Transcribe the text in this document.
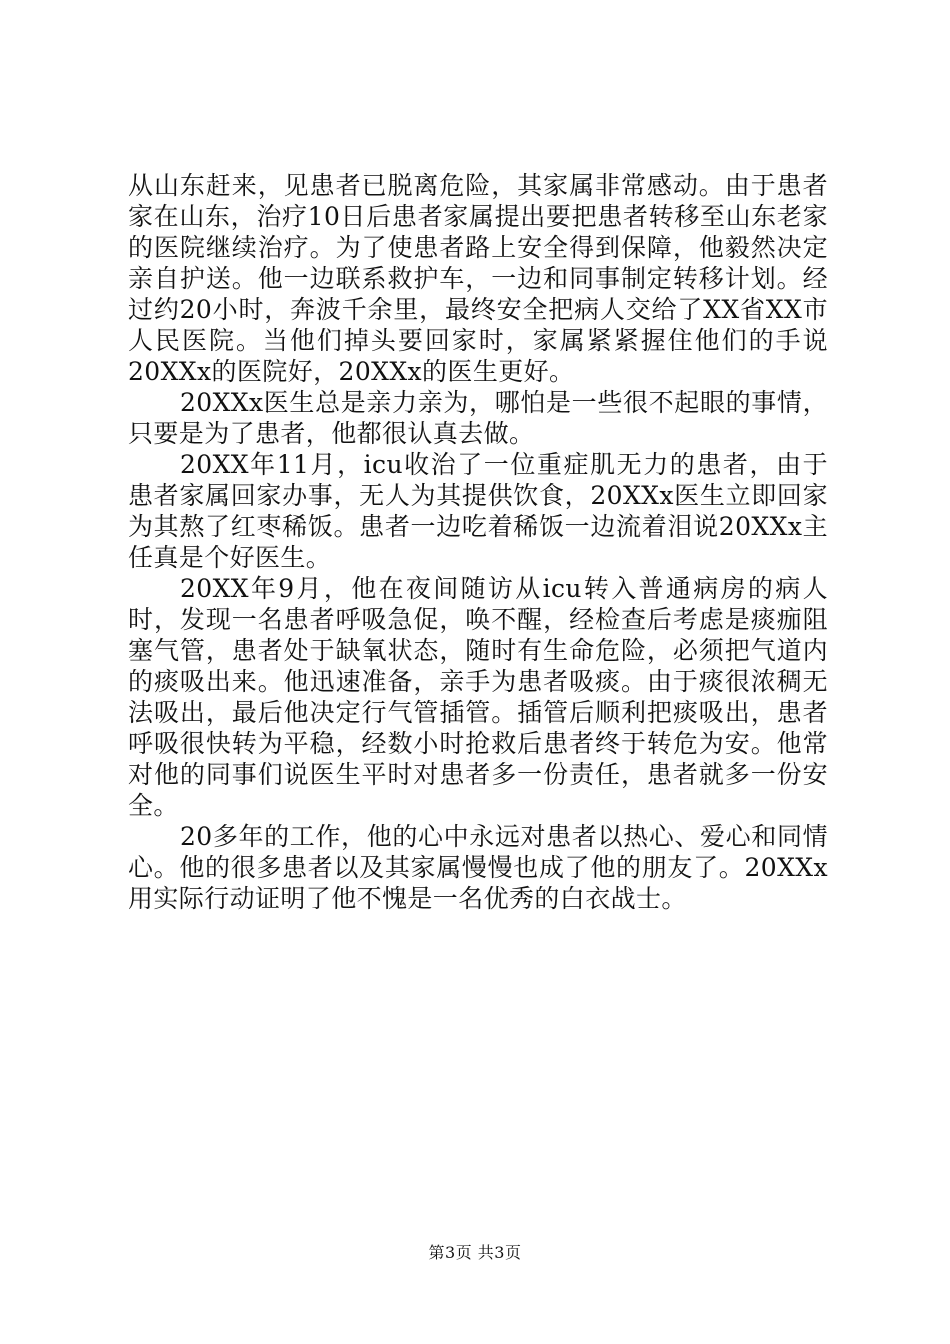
从山东赶来，见患者已脱离危险，其家属非常感动。由于患者家在山东，治疗10日后患者家属提出要把患者转移至山东老家的医院继续治疗。为了使患者路上安全得到保障，他毅然决定亲自护送。他一边联系救护车，一边和同事制定转移计划。经过约20小时，奔波千余里，最终安全把病人交给了XX省XX市人民医院。当他们掉头要回家时，家属紧紧握住他们的手说20XXx的医院好，20XXx的医生更好。

20XXx医生总是亲力亲为，哪怕是一些很不起眼的事情，只要是为了患者，他都很认真去做。

20XX年11月，icu收治了一位重症肌无力的患者，由于患者家属回家办事，无人为其提供饮食，20XXx医生立即回家为其熬了红枣稀饭。患者一边吃着稀饭一边流着泪说20XXx主任真是个好医生。

20XX年9月，他在夜间随访从icu转入普通病房的病人时，发现一名患者呼吸急促，唤不醒，经检查后考虑是痰痂阻塞气管，患者处于缺氧状态，随时有生命危险，必须把气道内的痰吸出来。他迅速准备，亲手为患者吸痰。由于痰很浓稠无法吸出，最后他决定行气管插管。插管后顺利把痰吸出，患者呼吸很快转为平稳，经数小时抢救后患者终于转危为安。他常对他的同事们说医生平时对患者多一份责任，患者就多一份安全。

20多年的工作，他的心中永远对患者以热心、爱心和同情心。他的很多患者以及其家属慢慢也成了他的朋友了。20XXx用实际行动证明了他不愧是一名优秀的白衣战士。

第3页 共3页
